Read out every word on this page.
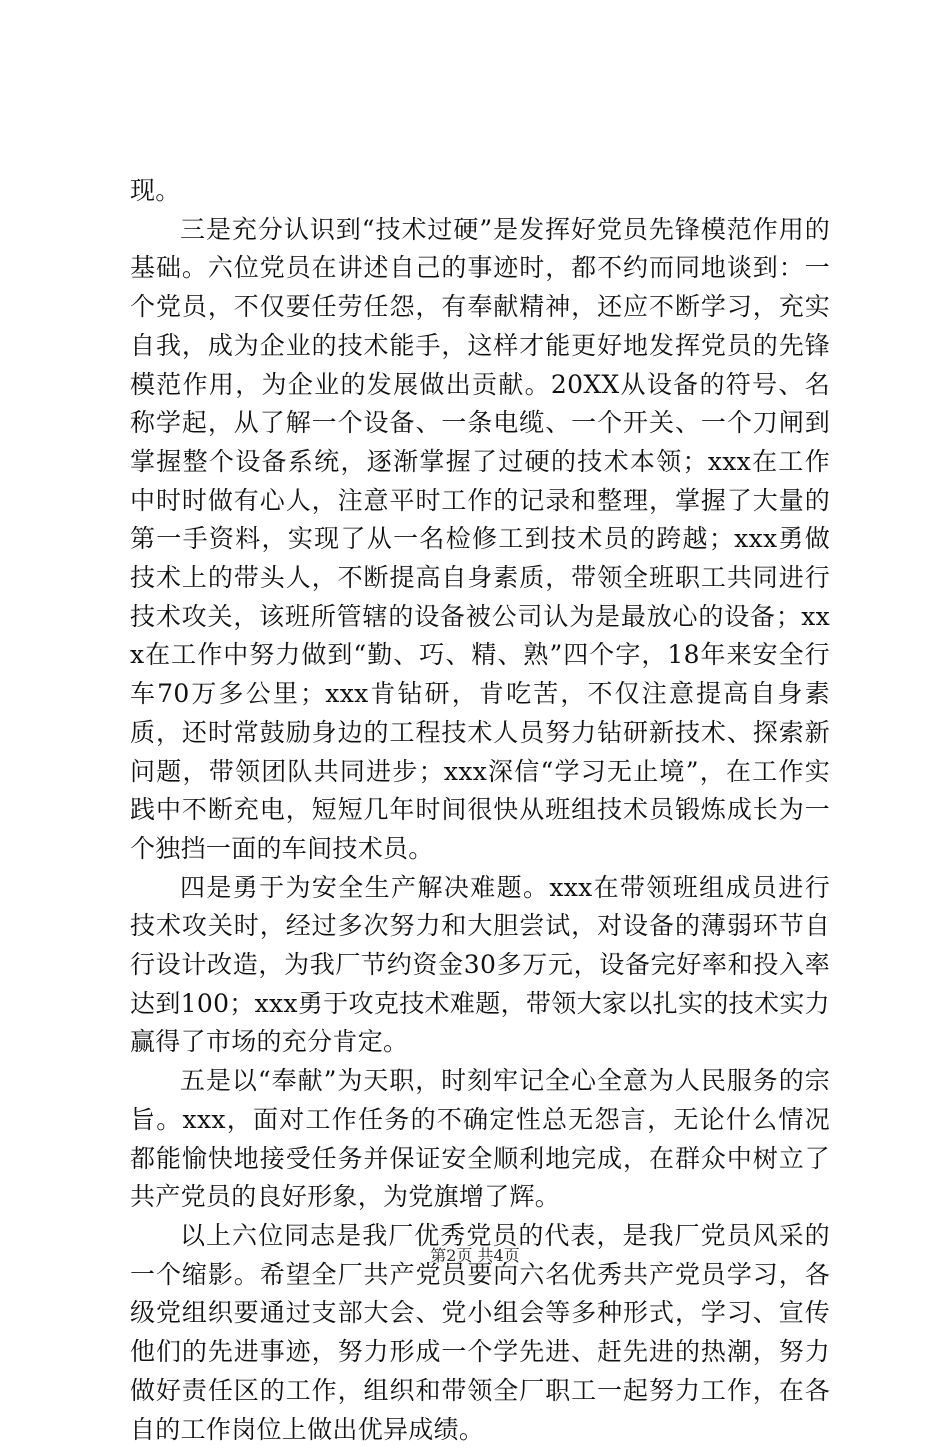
现。

三是充分认识到“技术过硬”是发挥好党员先锋模范作用的基础。六位党员在讲述自己的事迹时，都不约而同地谈到：一个党员，不仅要任劳任怨，有奉献精神，还应不断学习，充实自我，成为企业的技术能手，这样才能更好地发挥党员的先锋模范作用，为企业的发展做出贡献。20XX从设备的符号、名称学起，从了解一个设备、一条电缆、一个开关、一个刀闸到掌握整个设备系统，逐渐掌握了过硬的技术本领；xxx在工作中时时做有心人，注意平时工作的记录和整理，掌握了大量的第一手资料，实现了从一名检修工到技术员的跨越；xxx勇做技术上的带头人，不断提高自身素质，带领全班职工共同进行技术攻关，该班所管辖的设备被公司认为是最放心的设备；xxx在工作中努力做到“勤、巧、精、熟”四个字，18年来安全行车70万多公里；xxx肯钻研，肯吃苦，不仅注意提高自身素质，还时常鼓励身边的工程技术人员努力钻研新技术、探索新问题，带领团队共同进步；xxx深信“学习无止境”，在工作实践中不断充电，短短几年时间很快从班组技术员锻炼成长为一个独挡一面的车间技术员。

四是勇于为安全生产解决难题。xxx在带领班组成员进行技术攻关时，经过多次努力和大胆尝试，对设备的薄弱环节自行设计改造，为我厂节约资金30多万元，设备完好率和投入率达到100；xxx勇于攻克技术难题，带领大家以扎实的技术实力赢得了市场的充分肯定。

五是以“奉献”为天职，时刻牢记全心全意为人民服务的宗旨。xxx，面对工作任务的不确定性总无怨言，无论什么情况都能愉快地接受任务并保证安全顺利地完成，在群众中树立了共产党员的良好形象，为党旗增了辉。

以上六位同志是我厂优秀党员的代表，是我厂党员风采的一个缩影。希望全厂共产党员要向六名优秀共产党员学习，各级党组织要通过支部大会、党小组会等多种形式，学习、宣传他们的先进事迹，努力形成一个学先进、赶先进的热潮，努力做好责任区的工作，组织和带领全厂职工一起努力工作，在各自的工作岗位上做出优异成绩。

第2页 共4页
